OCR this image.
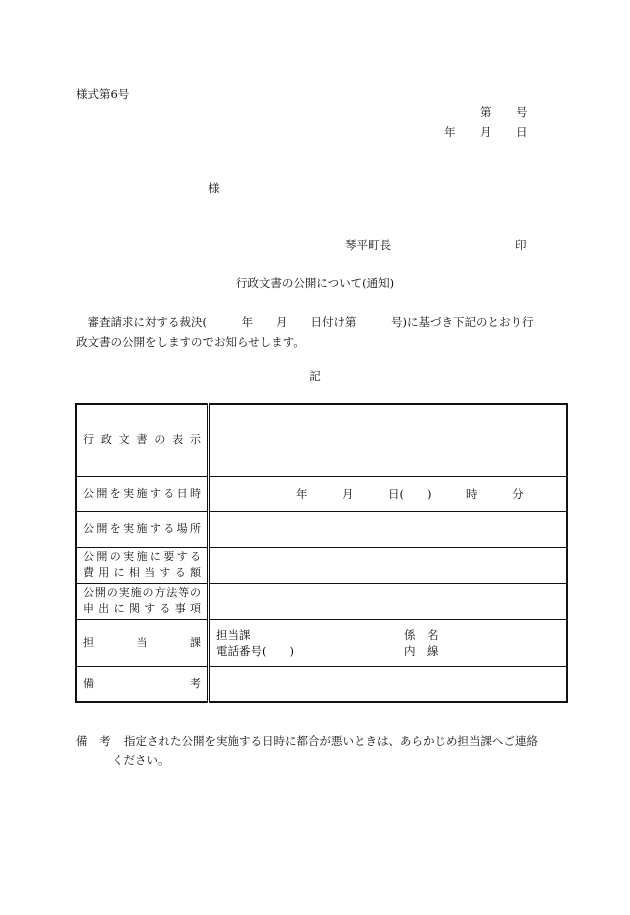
様式第6号
第 号
年 月 日
様
琴平町長	印
行政文書の公開について(通知)
　審査請求に対する裁決(　　　年　　月　　日付け第　　　号)に基づき下記のとおり行
政文書の公開をしますのでお知らせします。
記
行政文書の表示	

公開を実施する日時	年　　　月　　　日(　　)　　　時　　　分

公開を実施する場所	

公開の実施に要する
費用に相当する額	

公開の実施の方法等の
申出に関する事項	

担当課	担当課 係　名
電話番号(　　) 内　線

備考	

備　考 指定された公開を実施する日時に都合が悪いときは、あらかじめ担当課へご連絡
ください。
